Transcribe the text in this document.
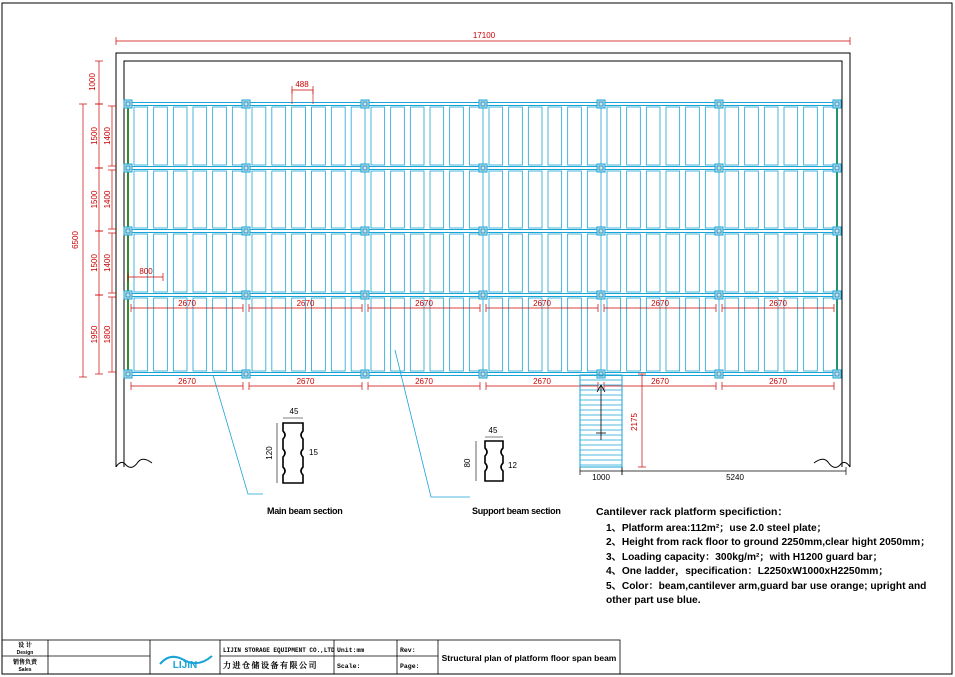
1500 1400
1500 1400
1500 1400
1950 1800
2670
2670
2670
2670
2670
2670
2670
2670
2670
2670
2670
2670
17100
1000
6500
488
800
2175
1000	5240
45
120	15
45
80	12
LIJIN
设 计
Design
销售负责
Sales
LIJIN STORAGE EQUIPMENT CO.,LTD
力进仓储设备有限公司
Unit:mm
Scale:
Rev:
Page:
Structural plan of platform floor span beam
Main beam section	Support beam section	Cantilever rack platform specifiction：
1、Platform area:112m²；use 2.0 steel plate；
2、Height from rack floor to ground 2250mm,clear hight 2050mm；
3、Loading capacity：300kg/m²；with H1200 guard bar；
4、One ladder，specification：L2250xW1000xH2250mm；
5、Color：beam,cantilever arm,guard bar use orange; upright and other part use blue.
